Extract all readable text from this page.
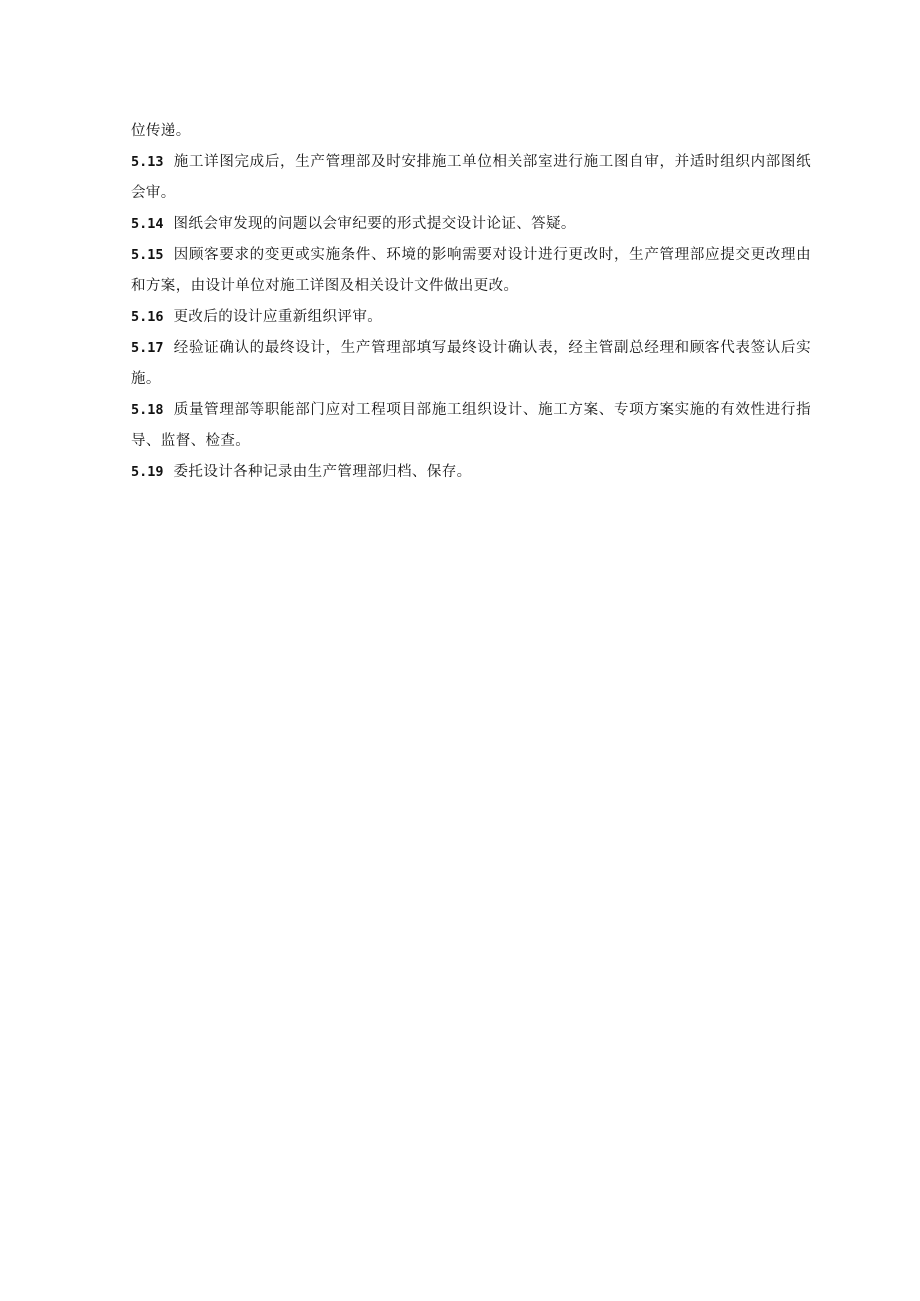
位传递。

5.13 施工详图完成后，生产管理部及时安排施工单位相关部室进行施工图自审，并适时组织内部图纸会审。

5.14 图纸会审发现的问题以会审纪要的形式提交设计论证、答疑。

5.15 因顾客要求的变更或实施条件、环境的影响需要对设计进行更改时，生产管理部应提交更改理由和方案，由设计单位对施工详图及相关设计文件做出更改。

5.16 更改后的设计应重新组织评审。

5.17 经验证确认的最终设计，生产管理部填写最终设计确认表，经主管副总经理和顾客代表签认后实施。

5.18 质量管理部等职能部门应对工程项目部施工组织设计、施工方案、专项方案实施的有效性进行指导、监督、检查。

5.19 委托设计各种记录由生产管理部归档、保存。
